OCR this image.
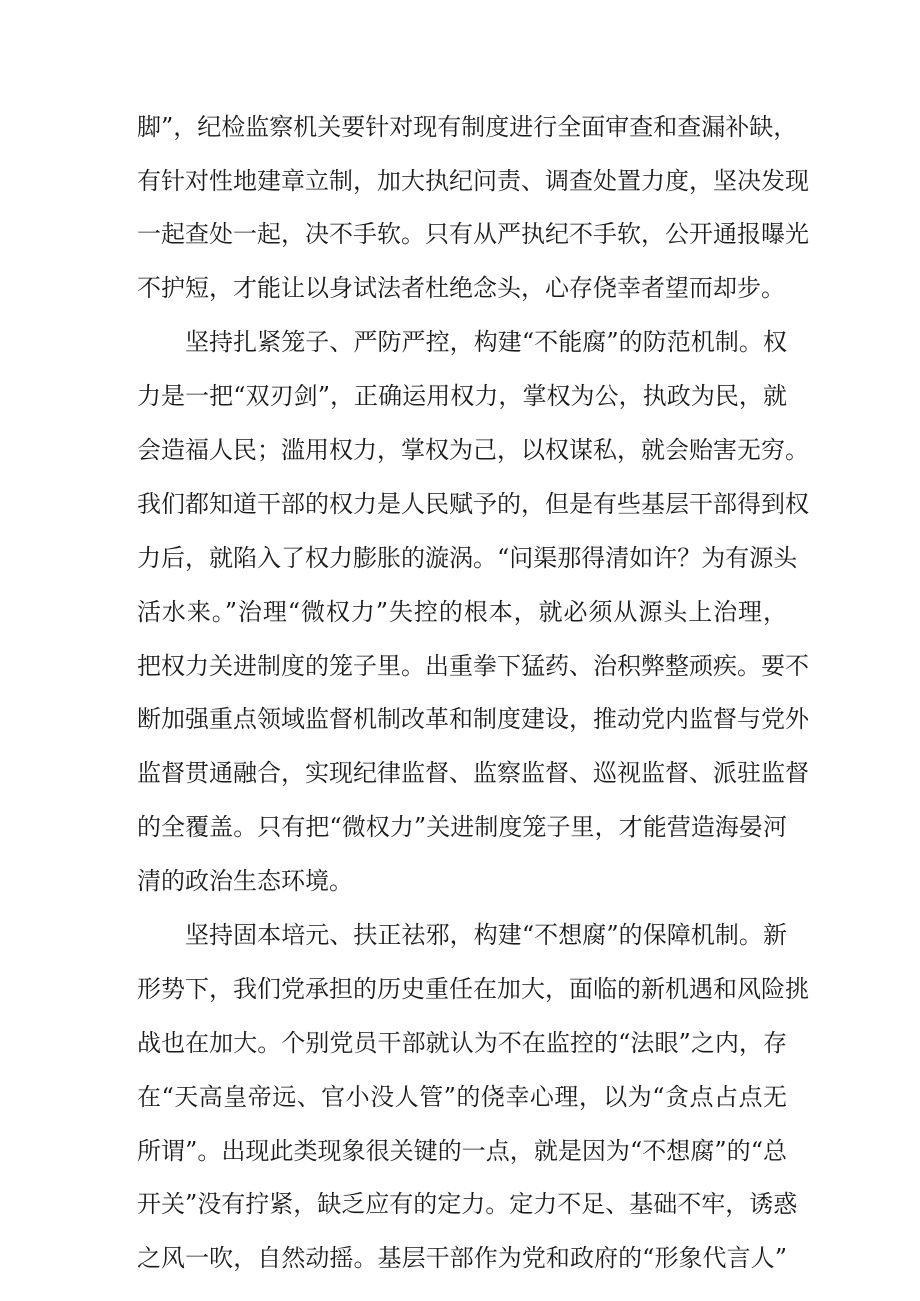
脚”，纪检监察机关要针对现有制度进行全面审查和查漏补缺，
有针对性地建章立制，加大执纪问责、调查处置力度，坚决发现
一起查处一起，决不手软。只有从严执纪不手软，公开通报曝光
不护短，才能让以身试法者杜绝念头，心存侥幸者望而却步。
坚持扎紧笼子、严防严控，构建“不能腐”的防范机制。权
力是一把“双刃剑”，正确运用权力，掌权为公，执政为民，就
会造福人民；滥用权力，掌权为己，以权谋私，就会贻害无穷。
我们都知道干部的权力是人民赋予的，但是有些基层干部得到权
力后，就陷入了权力膨胀的漩涡。“问渠那得清如许？为有源头
活水来。”治理“微权力”失控的根本，就必须从源头上治理，
把权力关进制度的笼子里。出重拳下猛药、治积弊整顽疾。要不
断加强重点领域监督机制改革和制度建设，推动党内监督与党外
监督贯通融合，实现纪律监督、监察监督、巡视监督、派驻监督
的全覆盖。只有把“微权力”关进制度笼子里，才能营造海晏河
清的政治生态环境。
坚持固本培元、扶正祛邪，构建“不想腐”的保障机制。新
形势下，我们党承担的历史重任在加大，面临的新机遇和风险挑
战也在加大。个别党员干部就认为不在监控的“法眼”之内，存
在“天高皇帝远、官小没人管”的侥幸心理，以为“贪点占点无
所谓”。出现此类现象很关键的一点，就是因为“不想腐”的“总
开关”没有拧紧，缺乏应有的定力。定力不足、基础不牢，诱惑
之风一吹，自然动摇。基层干部作为党和政府的“形象代言人”
